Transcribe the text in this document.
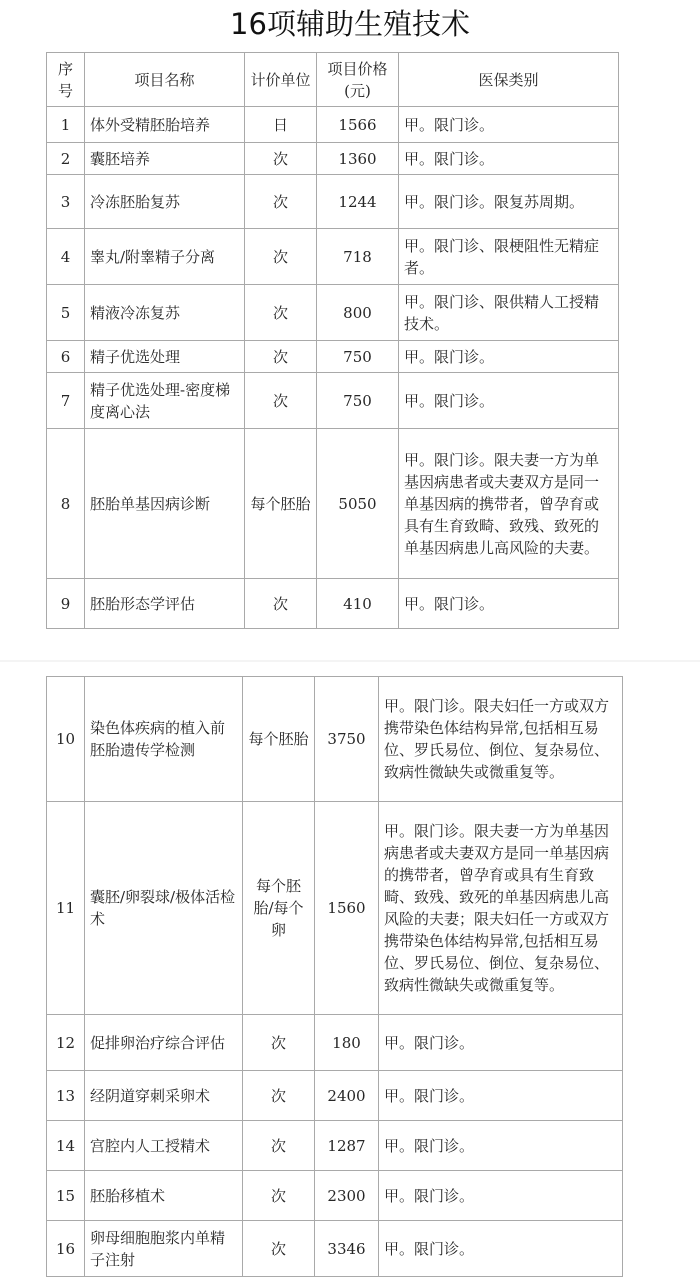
16项辅助生殖技术
序号	项目名称	计价单位	项目价格(元)	医保类别
1	体外受精胚胎培养	日	1566	甲。限门诊。
2	囊胚培养	次	1360	甲。限门诊。
3	冷冻胚胎复苏	次	1244	甲。限门诊。限复苏周期。
4	睾丸/附睾精子分离	次	718	甲。限门诊、限梗阻性无精症者。
5	精液冷冻复苏	次	800	甲。限门诊、限供精人工授精技术。
6	精子优选处理	次	750	甲。限门诊。
7	精子优选处理-密度梯度离心法	次	750	甲。限门诊。
8	胚胎单基因病诊断	每个胚胎	5050	甲。限门诊。限夫妻一方为单基因病患者或夫妻双方是同一单基因病的携带者，曾孕育或具有生育致畸、致残、致死的单基因病患儿高风险的夫妻。
9	胚胎形态学评估	次	410	甲。限门诊。
10	染色体疾病的植入前胚胎遗传学检测	每个胚胎	3750	甲。限门诊。限夫妇任一方或双方携带染色体结构异常,包括相互易位、罗氏易位、倒位、复杂易位、致病性微缺失或微重复等。
11	囊胚/卵裂球/极体活检术	每个胚胎/每个卵	1560	甲。限门诊。限夫妻一方为单基因病患者或夫妻双方是同一单基因病的携带者，曾孕育或具有生育致畸、致残、致死的单基因病患儿高风险的夫妻；限夫妇任一方或双方携带染色体结构异常,包括相互易位、罗氏易位、倒位、复杂易位、致病性微缺失或微重复等。
12	促排卵治疗综合评估	次	180	甲。限门诊。
13	经阴道穿刺采卵术	次	2400	甲。限门诊。
14	宫腔内人工授精术	次	1287	甲。限门诊。
15	胚胎移植术	次	2300	甲。限门诊。
16	卵母细胞胞浆内单精子注射	次	3346	甲。限门诊。
